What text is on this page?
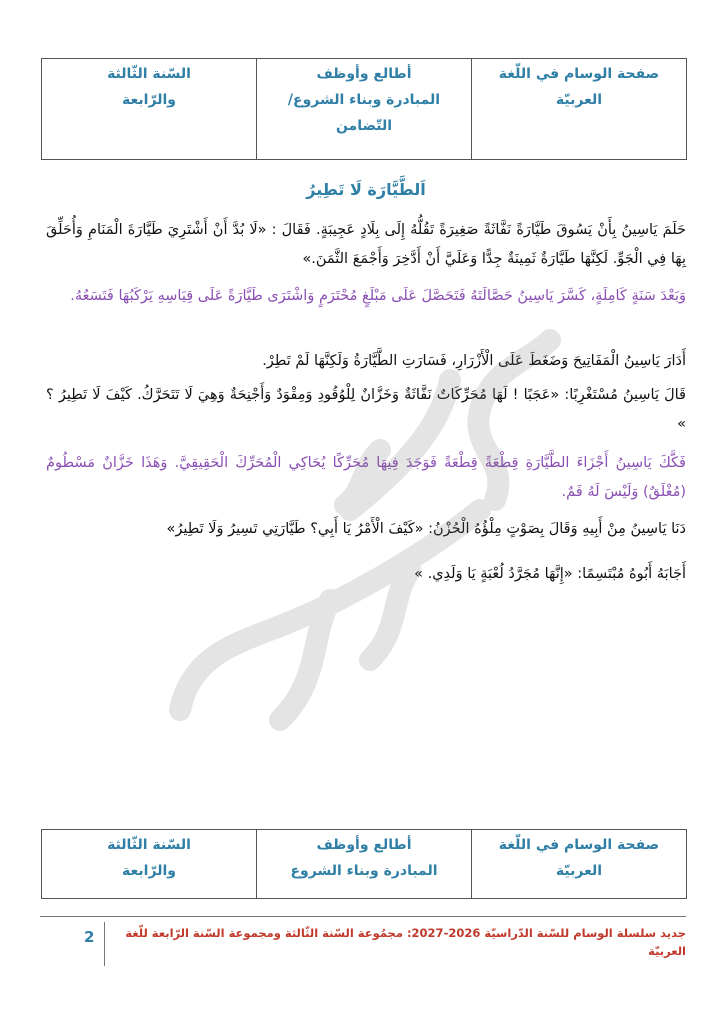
صفحة الوسام في اللّغة
العربيّة

أطالع وأوظف
المبادرة وبناء الشروع/
التّضامن

السّنة الثّالثة
والرّابعة
اَلطَّيَّارَة لَا تَطِيرُ

حَلَمَ يَاسِينُ بِأَنْ يَسُوقَ طَيَّارَةً نَفَّاثَةً صَغِيرَةً تَقُلُّهُ إِلَى بِلَادٍ عَجِيبَةٍ. فَقَالَ : «لَا بُدَّ أَنْ أَشْتَرِيَ طَيَّارَةَ الْمَنَامِ وَأُحَلِّقَ بِهَا فِي الْجَوِّ. لَكِنَّهَا طَيَّارَةٌ ثَمِينَةٌ جِدًّا وَعَلَيَّ أَنْ أَدَّخِرَ وَأَجْمَعَ الثَّمَنَ.»

وَبَعْدَ سَنَةٍ كَامِلَةٍ، كَسَّرَ يَاسِينُ حَصَّالَتَهُ فَتَحَصَّلَ عَلَى مَبْلَغٍ مُحْتَرَمٍ وَاشْتَرَى طَيَّارَةً عَلَى قِيَاسِهِ يَرْكَبُهَا فَتَسَعُهُ.

أَدَارَ يَاسِينُ الْمَفَاتِيحَ وَضَغَطَ عَلَى الْأَزْرَارِ، فَسَارَتِ الطَّيَّارَةُ وَلَكِنَّهَا لَمْ تَطِرْ.

قَالَ يَاسِينُ مُسْتَغْرِبًا: «عَجَبًا ! لَهَا مُحَرِّكَاتٌ نَفَّاثَةٌ وَخَزَّانٌ لِلْوُقُودِ وَمِقْوَدٌ وَأَجْنِحَةٌ وَهِيَ لَا تَتَحَرَّكُ. كَيْفَ لَا تَطِيرُ ؟ »

فَكَّكَ يَاسِينُ أَجْزَاءَ الطَّيَّارَةِ قِطْعَةً قِطْعَةً فَوَجَدَ فِيهَا مُحَرِّكًا يُحَاكِي الْمُحَرِّكَ الْحَقِيقِيَّ. وَهَذَا خَزَّانٌ مَسْطُومٌ (مُغْلَقٌ) وَلَيْسَ لَهُ فَمٌ.

دَنَا يَاسِينُ مِنْ أَبِيهِ وَقَالَ بِصَوْتٍ مِلْؤُهُ الْحُزْنُ: «كَيْفَ الْأَمْرُ يَا أَبِي؟ طَيَّارَتِي تَسِيرُ وَلَا تَطِيرُ»

أَجَابَهُ أَبُوهُ مُبْتَسِمًا: «إِنَّهَا مُجَرَّدُ لُعْبَةٍ يَا وَلَدِي. »

صفحة الوسام في اللّغة
العربيّة

أطالع وأوظف
المبادرة وبناء الشروع

السّنة الثّالثة
والرّابعة
جديد سلسلة الوسام للسّنة الدّراسيّة 2026-2027: مجمُوعة السّنة الثّالثة ومجموعة السّنة الرّابعة للّغة العربيّة
2
